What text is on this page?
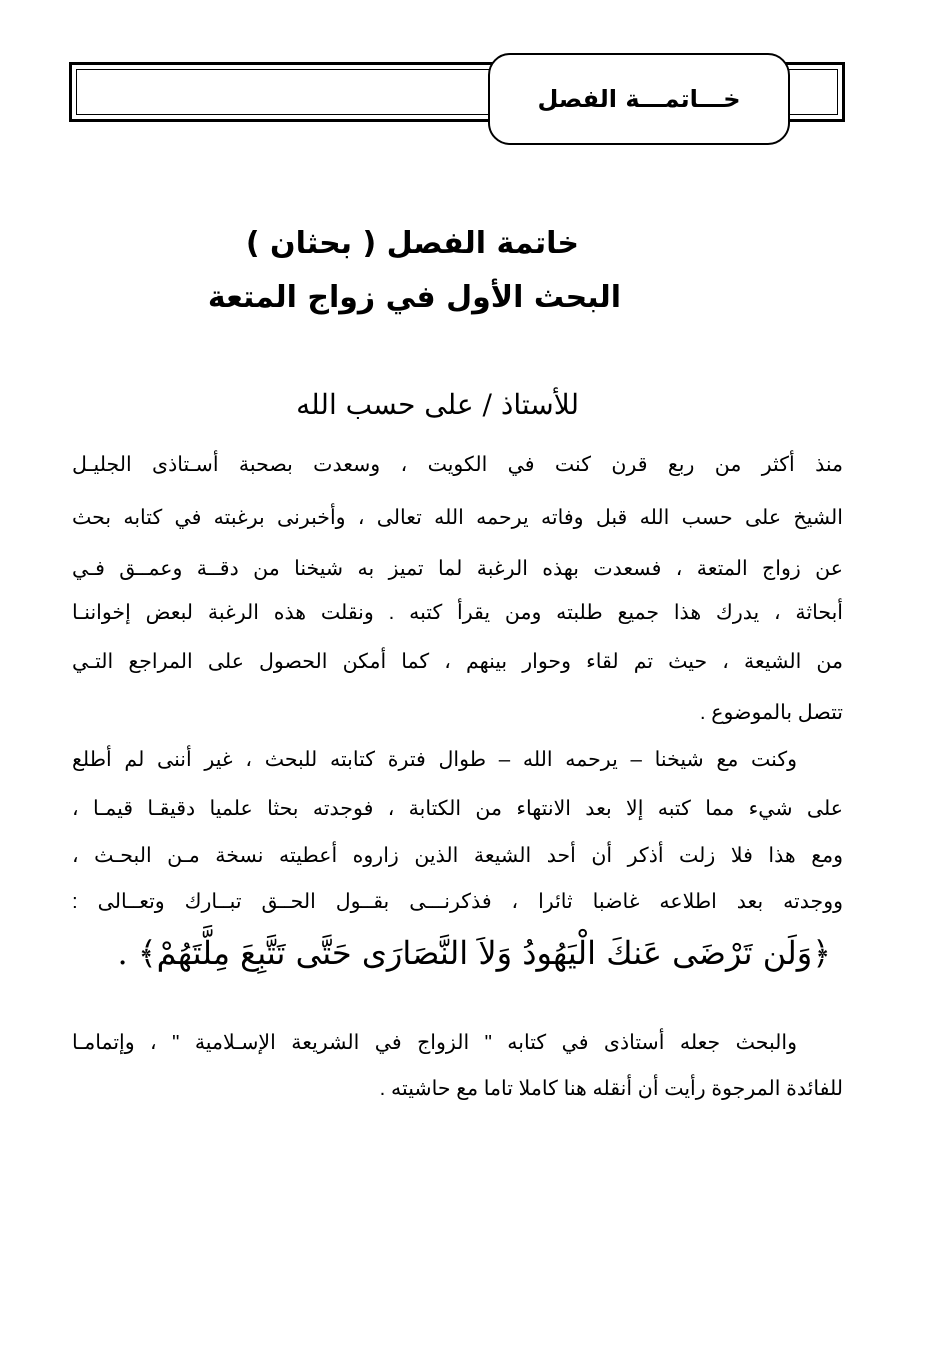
خـــاتمـــة الفصل
خاتمة الفصل ( بحثان )
البحث الأول في زواج المتعة
للأستاذ / على حسب الله
منذ أكثر من ربع قرن كنت في الكويت ، وسعدت بصحبة أسـتاذى الجليـل
الشيخ على حسب الله قبل وفاته يرحمه الله تعالى ، وأخبرنى برغبته في كتابه بحث
عن زواج المتعة ، فسعدت بهذه الرغبة لما تميز به شيخنا من دقــة وعمــق فـي
أبحاثة ، يدرك هذا جميع طلبته ومن يقرأ كتبه . ونقلت هذه الرغبة لبعض إخواننـا
من الشيعة ، حيث تم لقاء وحوار بينهم ، كما أمكن الحصول على المراجع التـي
تتصل بالموضوع .
وكنت مع شيخنا – يرحمه الله – طوال فترة كتابته للبحث ، غير أننى لم أطلع
على شيء مما كتبه إلا بعد الانتهاء من الكتابة ، فوجدته بحثا علميا دقيقـا قيمـا ،
ومع هذا فلا زلت أذكر أن أحد الشيعة الذين زاروه أعطيته نسخة مـن البحـث ،
ووجدته بعد اطلاعه غاضبا ثائرا ، فذكرنـــى بقــول الحــق تبــارك وتعــالى :
﴿وَلَن تَرْضَى عَنكَ الْيَهُودُ وَلاَ النَّصَارَى حَتَّى تَتَّبِعَ مِلَّتَهُمْ﴾ .
والبحث جعله أستاذى في كتابه " الزواج في الشريعة الإسـلامية " ، وإتمامـا
للفائدة المرجوة رأيت أن أنقله هنا كاملا تاما مع حاشيته .
